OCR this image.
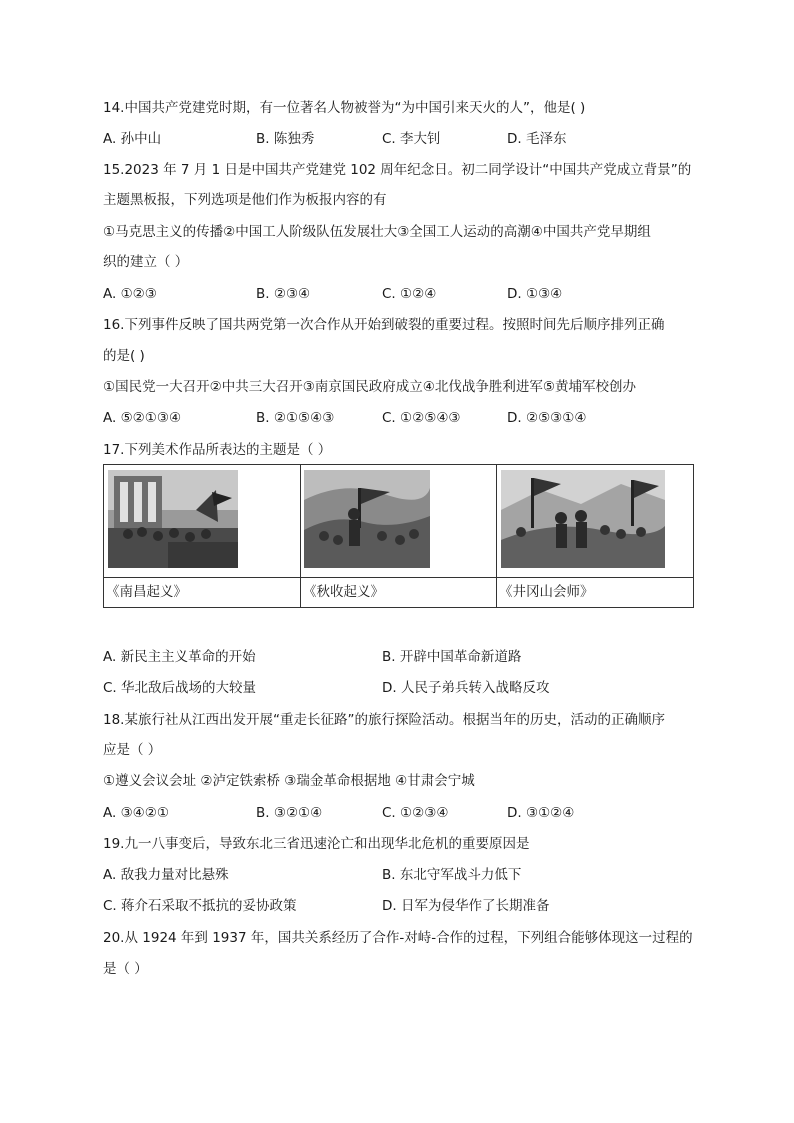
14.中国共产党建党时期，有一位著名人物被誉为“为中国引来天火的人”，他是( )
A. 孙中山	B. 陈独秀	C. 李大钊	D. 毛泽东
15.2023 年 7 月 1 日是中国共产党建党 102 周年纪念日。初二同学设计“中国共产党成立背景”的
主题黑板报，下列选项是他们作为板报内容的有
①马克思主义的传播②中国工人阶级队伍发展壮大③全国工人运动的高潮④中国共产党早期组
织的建立（ ）
A. ①②③	B. ②③④	C. ①②④	D. ①③④
16.下列事件反映了国共两党第一次合作从开始到破裂的重要过程。按照时间先后顺序排列正确
的是( )
①国民党一大召开②中共三大召开③南京国民政府成立④北伐战争胜利进军⑤黄埔军校创办
A. ⑤②①③④	B. ②①⑤④③	C. ①②⑤④③	D. ②⑤③①④
17.下列美术作品所表达的主题是（ ）
《南昌起义》	《秋收起义》	《井冈山会师》
A. 新民主主义革命的开始	B. 开辟中国革命新道路
C. 华北敌后战场的大较量	D. 人民子弟兵转入战略反攻
18.某旅行社从江西出发开展“重走长征路”的旅行探险活动。根据当年的历史，活动的正确顺序
应是（ ）
①遵义会议会址 ②泸定铁索桥 ③瑞金革命根据地 ④甘肃会宁城
A. ③④②①	B. ③②①④	C. ①②③④	D. ③①②④
19.九一八事变后，导致东北三省迅速沦亡和出现华北危机的重要原因是
A. 敌我力量对比悬殊	B. 东北守军战斗力低下
C. 蒋介石采取不抵抗的妥协政策	D. 日军为侵华作了长期准备
20.从 1924 年到 1937 年，国共关系经历了合作-对峙-合作的过程，下列组合能够体现这一过程的
是（ ）
